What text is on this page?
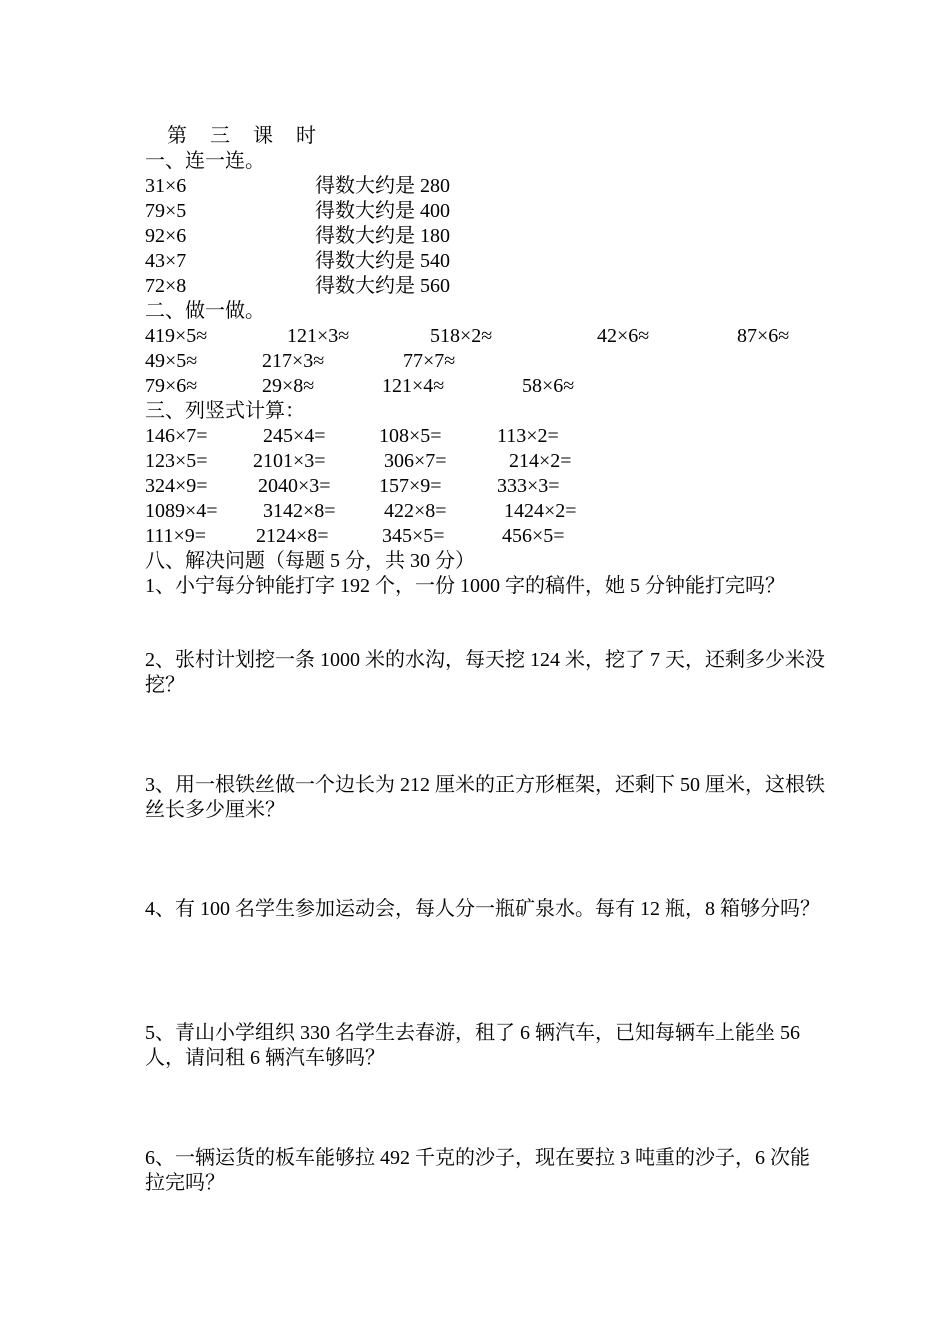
第 三 课 时
一、连一连。
31×6	得数大约是 280
79×5	得数大约是 400
92×6	得数大约是 180
43×7	得数大约是 540
72×8	得数大约是 560
二、做一做。
419×5≈	121×3≈	518×2≈	42×6≈	87×6≈
49×5≈	217×3≈	77×7≈
79×6≈	29×8≈	121×4≈	58×6≈
三、列竖式计算：
146×7=	245×4=	108×5=	113×2=
123×5= 2101×3=	306×7=	214×2=
324×9=	2040×3= 157×9=	333×3=
1089×4= 3142×8= 422×8=	1424×2=
111×9= 2124×8=	345×5=	456×5=
八、解决问题（每题 5 分，共 30 分）
1、小宁每分钟能打字 192 个，一份 1000 字的稿件，她 5 分钟能打完吗？
2、张村计划挖一条 1000 米的水沟，每天挖 124 米，挖了 7 天，还剩多少米没挖？
3、用一根铁丝做一个边长为 212 厘米的正方形框架，还剩下 50 厘米，这根铁丝长多少厘米？
4、有 100 名学生参加运动会，每人分一瓶矿泉水。每有 12 瓶，8 箱够分吗？
5、青山小学组织 330 名学生去春游，租了 6 辆汽车，已知每辆车上能坐 56 人，请问租 6 辆汽车够吗？
6、一辆运货的板车能够拉 492 千克的沙子，现在要拉 3 吨重的沙子，6 次能拉完吗？
